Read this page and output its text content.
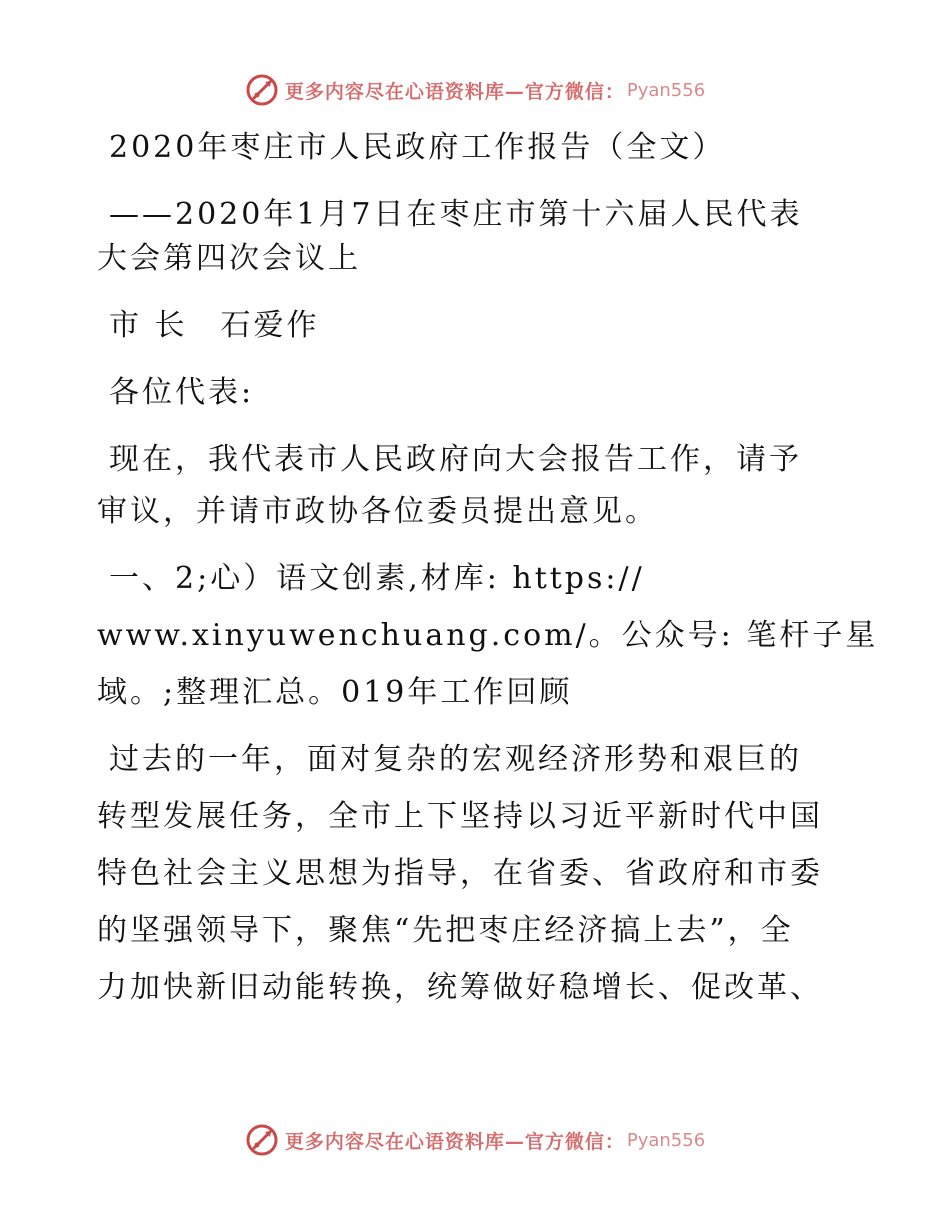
更多内容尽在心语资料库—官方微信： Pyan556
2020年枣庄市人民政府工作报告（全文）
——2020年1月7日在枣庄市第十六届人民代表
大会第四次会议上
市 长　石爱作
各位代表:
现在，我代表市人民政府向大会报告工作，请予
审议，并请市政协各位委员提出意见。
一、2;心）语文创素,材库: https://
www.xinyuwenchuang.com/。公众号: 笔杆子星
域。;整理汇总。019年工作回顾
过去的一年，面对复杂的宏观经济形势和艰巨的
转型发展任务，全市上下坚持以习近平新时代中国
特色社会主义思想为指导，在省委、省政府和市委
的坚强领导下，聚焦“先把枣庄经济搞上去”，全
力加快新旧动能转换，统筹做好稳增长、促改革、
更多内容尽在心语资料库—官方微信： Pyan556
